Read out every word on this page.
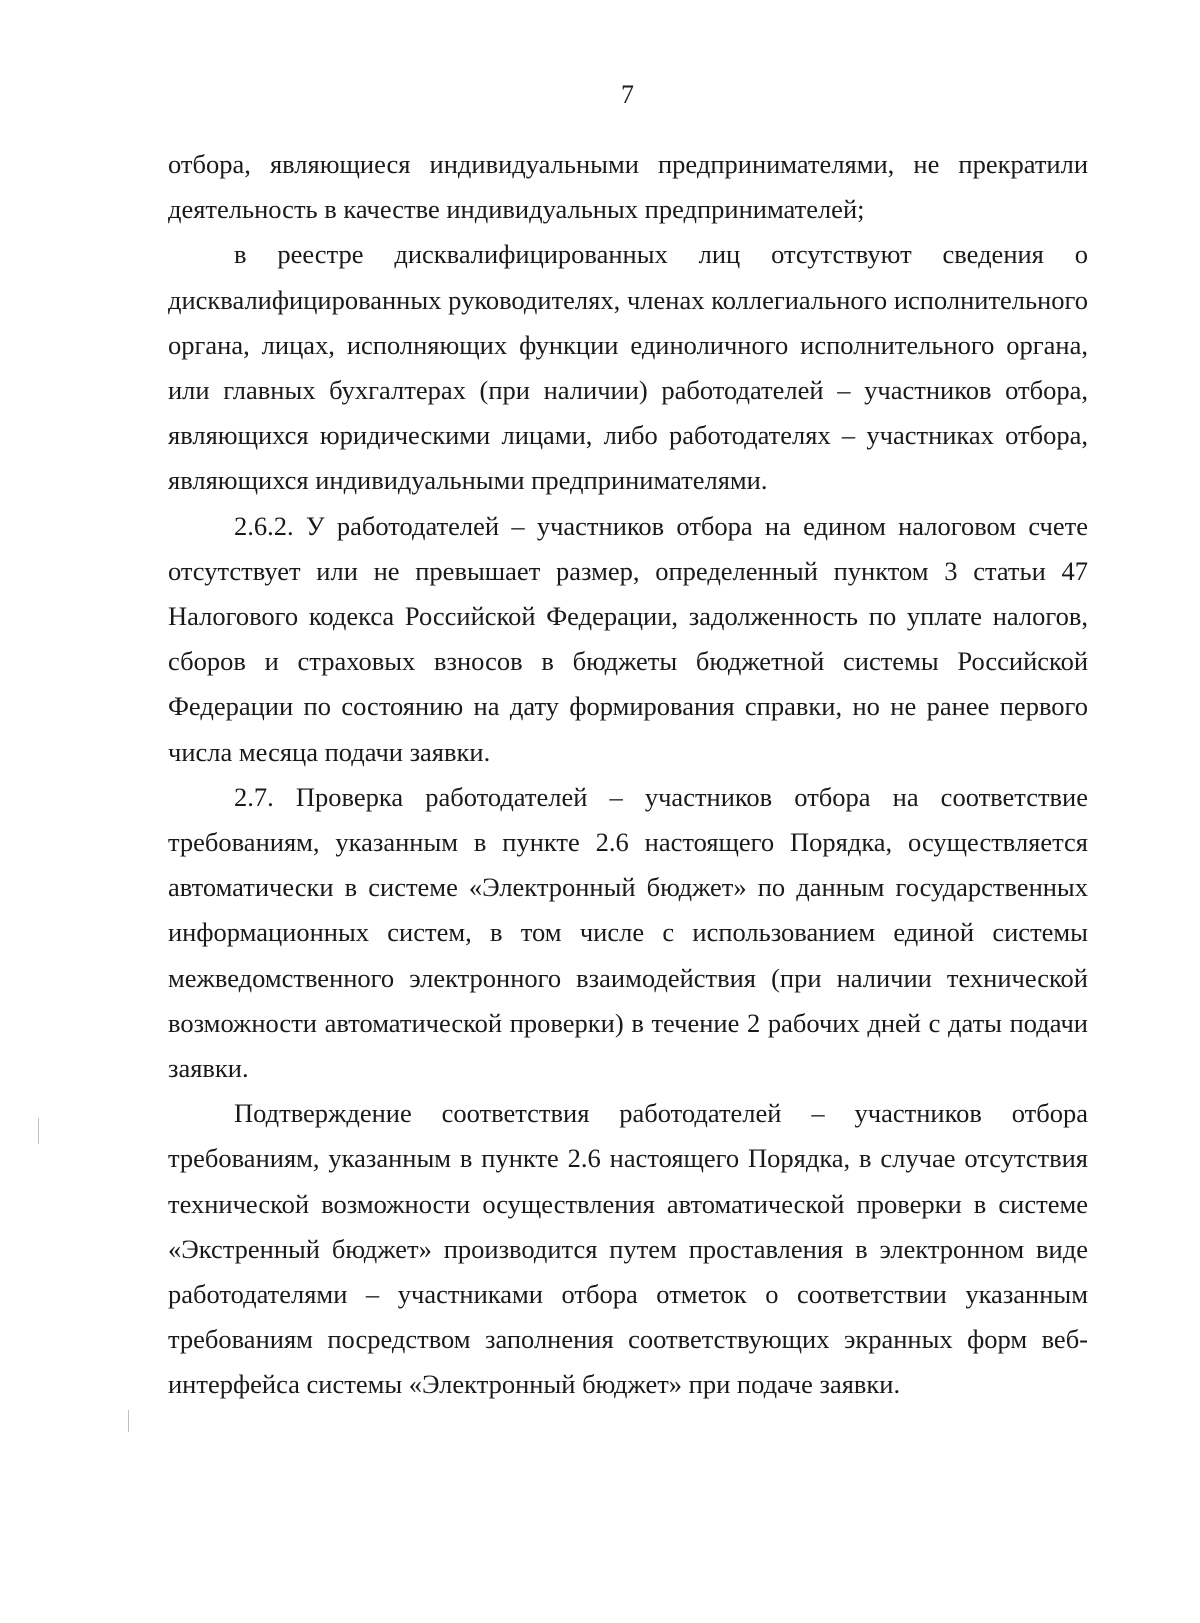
7

отбора, являющиеся индивидуальными предпринимателями, не прекратили деятельность в качестве индивидуальных предпринимателей;

в реестре дисквалифицированных лиц отсутствуют сведения о дисквалифицированных руководителях, членах коллегиального исполнительного органа, лицах, исполняющих функции единоличного исполнительного органа, или главных бухгалтерах (при наличии) работодателей – участников отбора, являющихся юридическими лицами, либо работодателях – участниках отбора, являющихся индивидуальными предпринимателями.

2.6.2. У работодателей – участников отбора на едином налоговом счете отсутствует или не превышает размер, определенный пунктом 3 статьи 47 Налогового кодекса Российской Федерации, задолженность по уплате налогов, сборов и страховых взносов в бюджеты бюджетной системы Российской Федерации по состоянию на дату формирования справки, но не ранее первого числа месяца подачи заявки.

2.7. Проверка работодателей – участников отбора на соответствие требованиям, указанным в пункте 2.6 настоящего Порядка, осуществляется автоматически в системе «Электронный бюджет» по данным государственных информационных систем, в том числе с использованием единой системы межведомственного электронного взаимодействия (при наличии технической возможности автоматической проверки) в течение 2 рабочих дней с даты подачи заявки.

Подтверждение соответствия работодателей – участников отбора требованиям, указанным в пункте 2.6 настоящего Порядка, в случае отсутствия технической возможности осуществления автоматической проверки в системе «Экстренный бюджет» производится путем проставления в электронном виде работодателями – участниками отбора отметок о соответствии указанным требованиям посредством заполнения соответствующих экранных форм веб-интерфейса системы «Электронный бюджет» при подаче заявки.
